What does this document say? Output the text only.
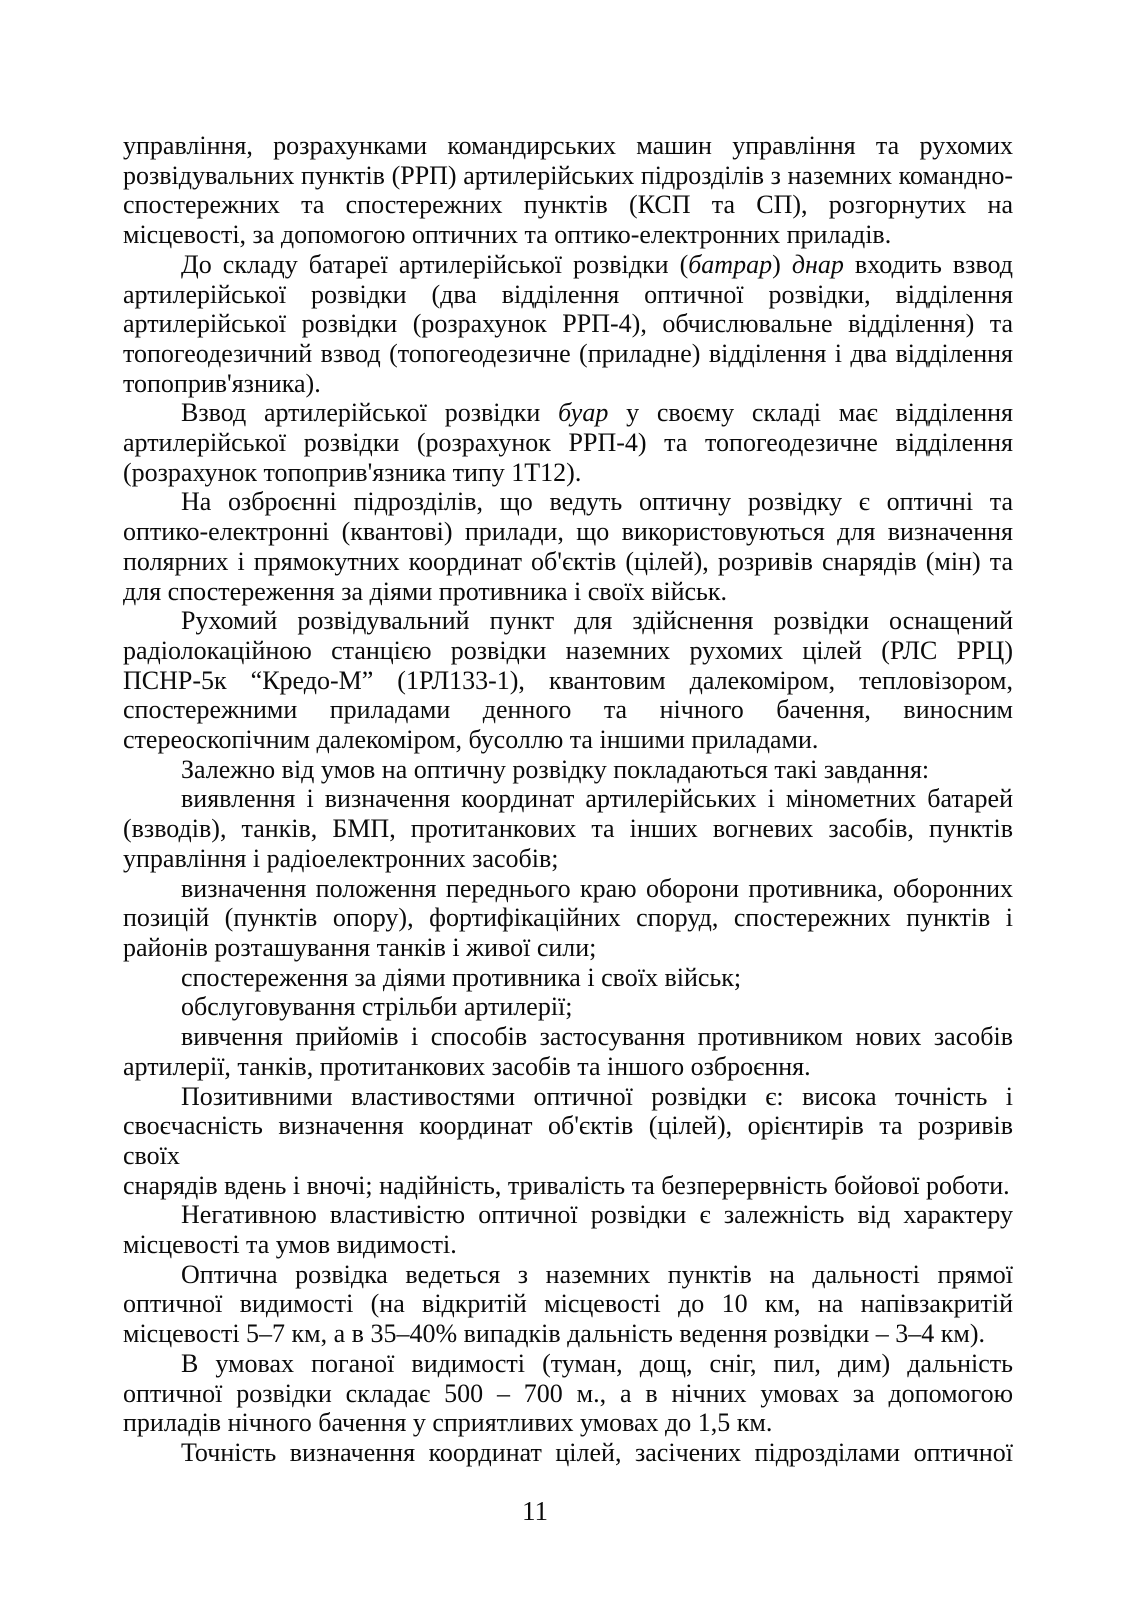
управління, розрахунками командирських машин управління та рухомих
розвідувальних пунктів (РРП) артилерійських підрозділів з наземних командно-
спостережних та спостережних пунктів (КСП та СП), розгорнутих на
місцевості, за допомогою оптичних та оптико-електронних приладів.
До складу батареї артилерійської розвідки (батрар) днар входить взвод
артилерійської розвідки (два відділення оптичної розвідки, відділення
артилерійської розвідки (розрахунок РРП-4), обчислювальне відділення) та
топогеодезичний взвод (топогеодезичне (приладне) відділення і два відділення
топоприв'язника).
Взвод артилерійської розвідки буар у своєму складі має відділення
артилерійської розвідки (розрахунок РРП-4) та топогеодезичне відділення
(розрахунок топоприв'язника типу 1Т12).
На озброєнні підрозділів, що ведуть оптичну розвідку є оптичні та
оптико-електронні (квантові) прилади, що використовуються для визначення
полярних і прямокутних координат об'єктів (цілей), розривів снарядів (мін) та
для спостереження за діями противника і своїх військ.
Рухомий розвідувальний пункт для здійснення розвідки оснащений
радіолокаційною станцією розвідки наземних рухомих цілей (РЛС РРЦ)
ПСНР-5к “Кредо-М” (1РЛ133-1), квантовим далекоміром, тепловізором,
спостережними приладами денного та нічного бачення, виносним
стереоскопічним далекоміром, бусоллю та іншими приладами.
Залежно від умов на оптичну розвідку покладаються такі завдання:
виявлення і визначення координат артилерійських і мінометних батарей
(взводів), танків, БМП, протитанкових та інших вогневих засобів, пунктів
управління і радіоелектронних засобів;
визначення положення переднього краю оборони противника, оборонних
позицій (пунктів опору), фортифікаційних споруд, спостережних пунктів і
районів розташування танків і живої сили;
спостереження за діями противника і своїх військ;
обслуговування стрільби артилерії;
вивчення прийомів і способів застосування противником нових засобів
артилерії, танків, протитанкових засобів та іншого озброєння.
Позитивними властивостями оптичної розвідки є: висока точність і
своєчасність визначення координат об'єктів (цілей), орієнтирів та розривів своїх
снарядів вдень і вночі; надійність, тривалість та безперервність бойової роботи.
Негативною властивістю оптичної розвідки є залежність від характеру
місцевості та умов видимості.
Оптична розвідка ведеться з наземних пунктів на дальності прямої
оптичної видимості (на відкритій місцевості до 10 км, на напівзакритій
місцевості 5–7 км, а в 35–40% випадків дальність ведення розвідки – 3–4 км).
В умовах поганої видимості (туман, дощ, сніг, пил, дим) дальність
оптичної розвідки складає 500 – 700 м., а в нічних умовах за допомогою
приладів нічного бачення у сприятливих умовах до 1,5 км.
Точність визначення координат цілей, засічених підрозділами оптичної
11
